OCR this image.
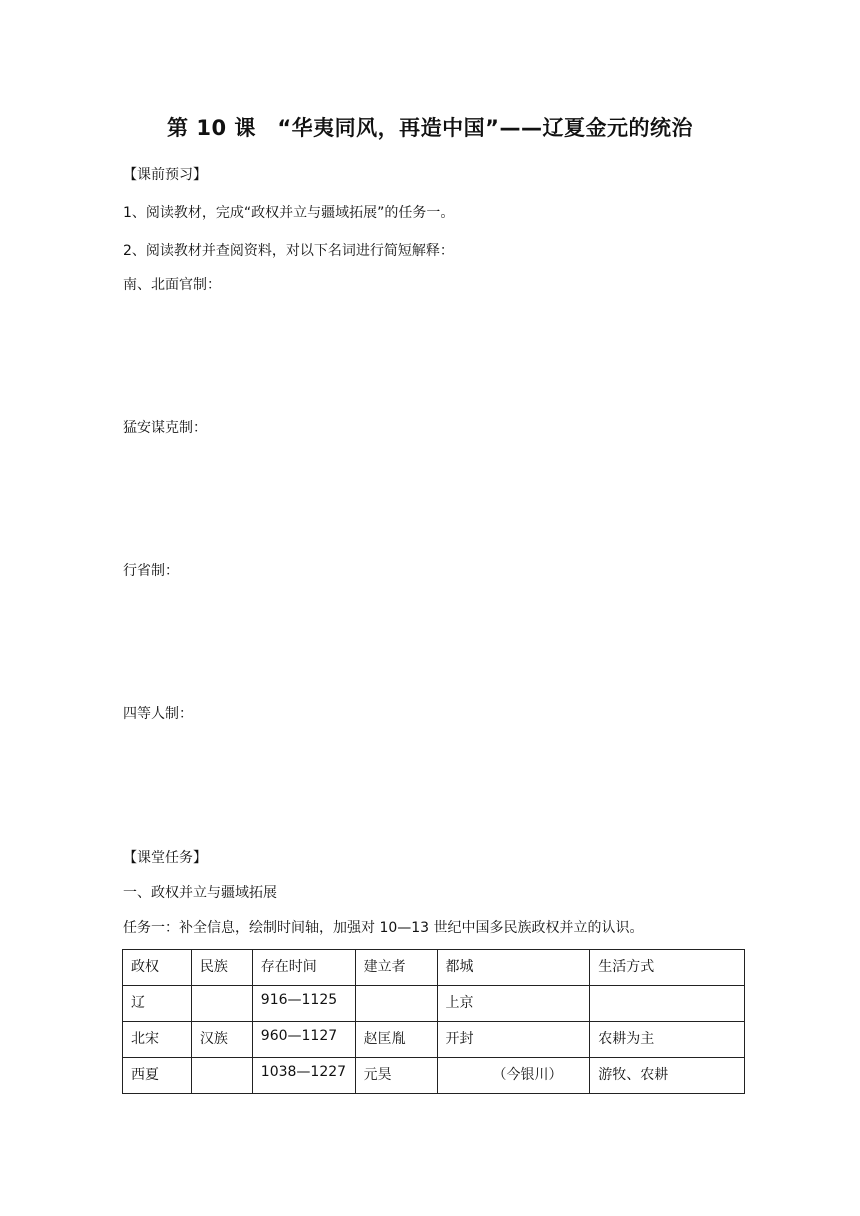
第 10 课　“华夷同风，再造中国”——辽夏金元的统治
【课前预习】
1、阅读教材，完成“政权并立与疆域拓展”的任务一。
2、阅读教材并查阅资料，对以下名词进行简短解释：
南、北面官制：
猛安谋克制：
行省制：
四等人制：
【课堂任务】
一、政权并立与疆域拓展
任务一：补全信息，绘制时间轴，加强对 10—13 世纪中国多民族政权并立的认识。
政权	民族	存在时间	建立者	都城	生活方式
辽		916—1125		上京	
北宋	汉族	960—1127	赵匡胤	开封	农耕为主
西夏		1038—1227	元昊	（今银川）	游牧、农耕
